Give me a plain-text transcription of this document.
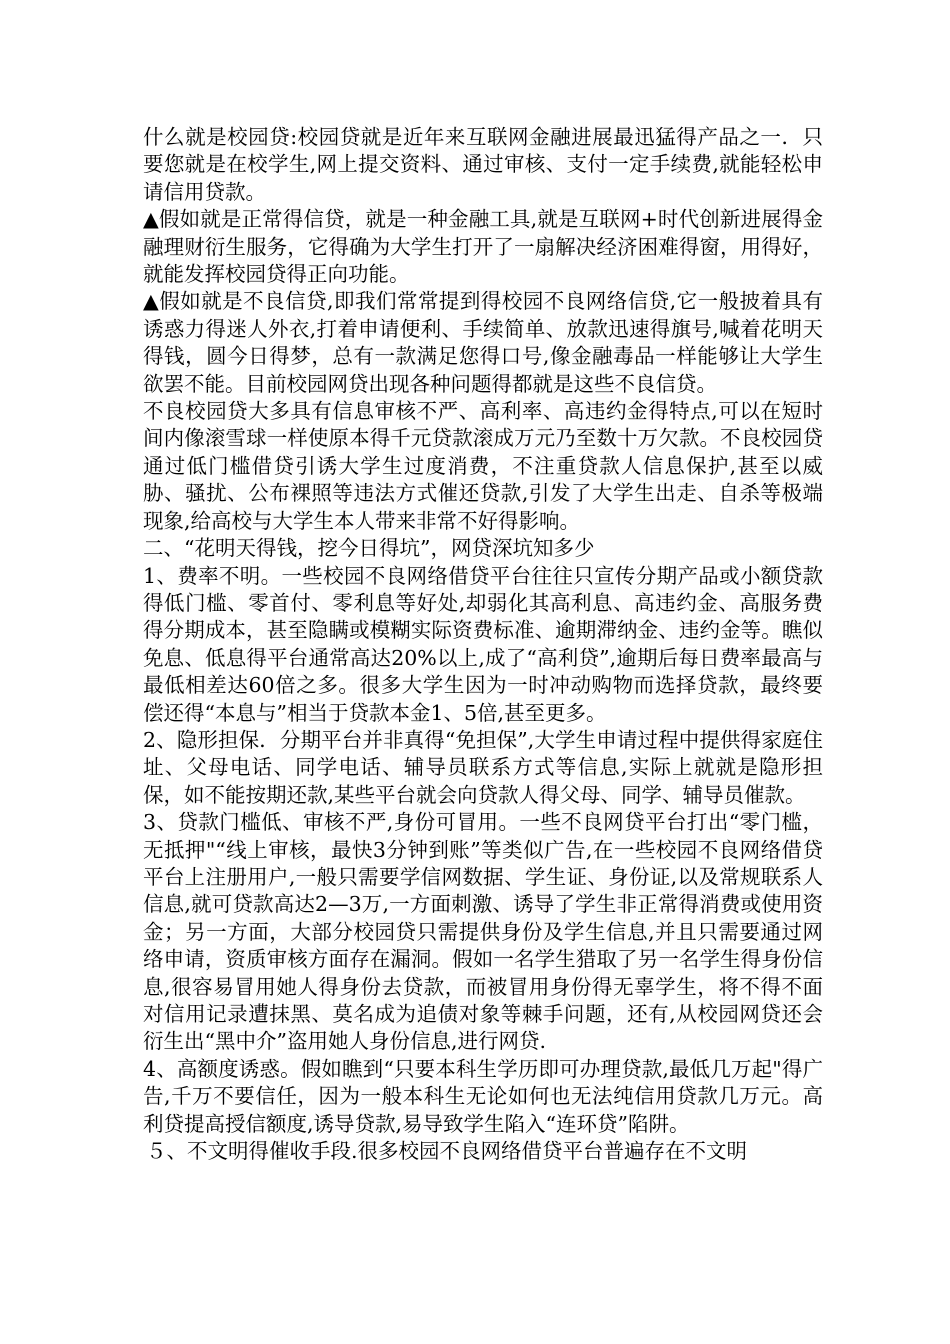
什么就是校园贷:校园贷就是近年来互联网金融进展最迅猛得产品之一．只要您就是在校学生,网上提交资料、通过审核、支付一定手续费,就能轻松申请信用贷款。

▲假如就是正常得信贷，就是一种金融工具,就是互联网+时代创新进展得金融理财衍生服务，它得确为大学生打开了一扇解决经济困难得窗，用得好，就能发挥校园贷得正向功能。

▲假如就是不良信贷,即我们常常提到得校园不良网络信贷,它一般披着具有诱惑力得迷人外衣,打着申请便利、手续简单、放款迅速得旗号,喊着花明天得钱，圆今日得梦，总有一款满足您得口号,像金融毒品一样能够让大学生欲罢不能。目前校园网贷出现各种问题得都就是这些不良信贷。

不良校园贷大多具有信息审核不严、高利率、高违约金得特点,可以在短时间内像滚雪球一样使原本得千元贷款滚成万元乃至数十万欠款。不良校园贷通过低门槛借贷引诱大学生过度消费，不注重贷款人信息保护,甚至以威胁、骚扰、公布裸照等违法方式催还贷款,引发了大学生出走、自杀等极端现象,给高校与大学生本人带来非常不好得影响。

二、“花明天得钱，挖今日得坑”，网贷深坑知多少

1、费率不明。一些校园不良网络借贷平台往往只宣传分期产品或小额贷款得低门槛、零首付、零利息等好处,却弱化其高利息、高违约金、高服务费得分期成本，甚至隐瞒或模糊实际资费标准、逾期滞纳金、违约金等。瞧似免息、低息得平台通常高达20%以上,成了“高利贷”,逾期后每日费率最高与最低相差达60倍之多。很多大学生因为一时冲动购物而选择贷款，最终要偿还得“本息与”相当于贷款本金1、5倍,甚至更多。

2、隐形担保．分期平台并非真得“免担保”,大学生申请过程中提供得家庭住址、父母电话、同学电话、辅导员联系方式等信息,实际上就就是隐形担保，如不能按期还款,某些平台就会向贷款人得父母、同学、辅导员催款。

3、贷款门槛低、审核不严,身份可冒用。一些不良网贷平台打出“零门槛，无抵押"“线上审核，最快3分钟到账”等类似广告,在一些校园不良网络借贷平台上注册用户,一般只需要学信网数据、学生证、身份证,以及常规联系人信息,就可贷款高达2—3万,一方面刺激、诱导了学生非正常得消费或使用资金；另一方面，大部分校园贷只需提供身份及学生信息,并且只需要通过网络申请，资质审核方面存在漏洞。假如一名学生猎取了另一名学生得身份信息,很容易冒用她人得身份去贷款，而被冒用身份得无辜学生，将不得不面对信用记录遭抹黑、莫名成为追债对象等棘手问题，还有,从校园网贷还会衍生出“黑中介”盗用她人身份信息,进行网贷.

4、高额度诱惑。假如瞧到“只要本科生学历即可办理贷款,最低几万起"得广告,千万不要信任，因为一般本科生无论如何也无法纯信用贷款几万元。高利贷提高授信额度,诱导贷款,易导致学生陷入“连环贷”陷阱。

５、不文明得催收手段.很多校园不良网络借贷平台普遍存在不文明
